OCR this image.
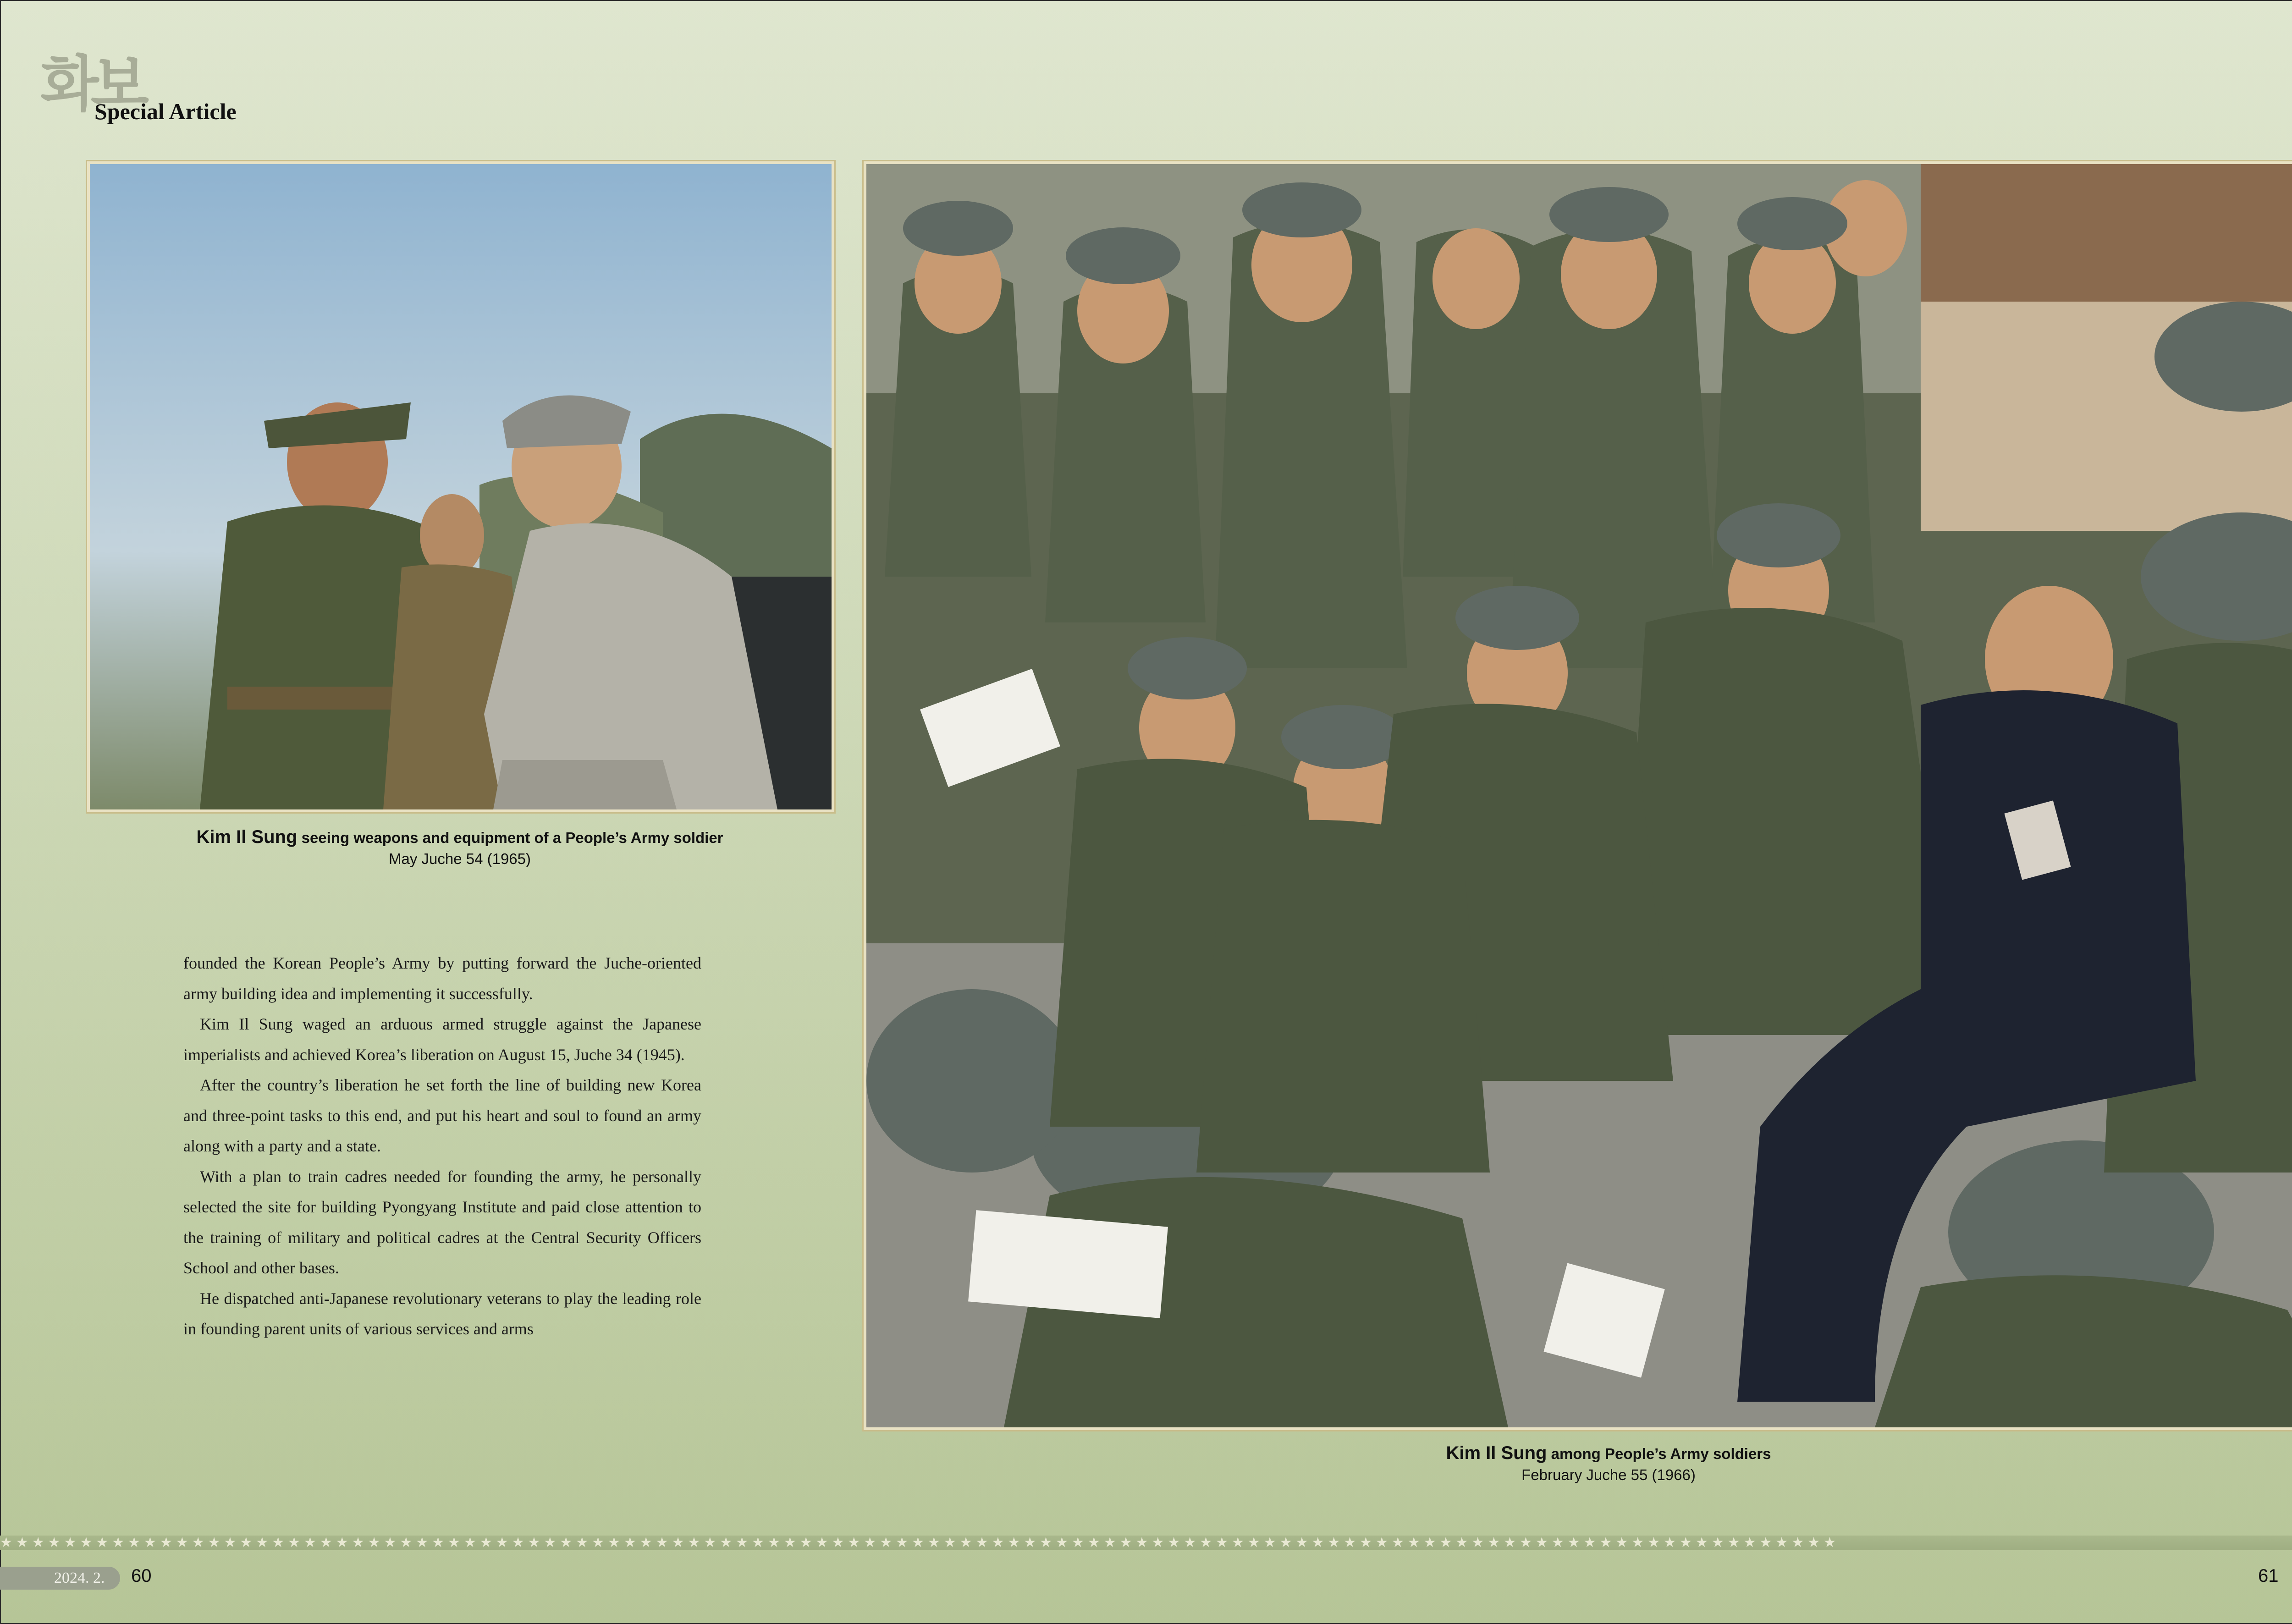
화보
Special Article
Kim Il Sung seeing weapons and equipment of a People’s Army soldier
May Juche 54 (1965)
Kim Il Sung among People’s Army soldiers
February Juche 55 (1966)

founded the Korean People’s Army by putting forward the Juche-oriented army building idea and implementing it successfully.

Kim Il Sung waged an arduous armed struggle against the Japanese imperialists and achieved Korea’s liberation on August 15, Juche 34 (1945).

After the country’s liberation he set forth the line of building new Korea and three-point tasks to this end, and put his heart and soul to found an army along with a party and a state.

With a plan to train cadres needed for founding the army, he personally selected the site for building Pyongyang Institute and paid close attention to the training of military and political cadres at the Central Security Officers School and other bases.

He dispatched anti-Japanese revolutionary veterans to play the leading role in founding parent units of various services and arms

★★★★★★★★★★★★★★★★★★★★★★★★★★★★★★★★★★★★★★★★★★★★★★★★★★★★★★★★★★★★★★★★★★★★★★★★★★★★★★★★★★★★★★★★★★★★★★★★★★★★★★★★★★★★★★★★★★★
2024. 2.	60	61
